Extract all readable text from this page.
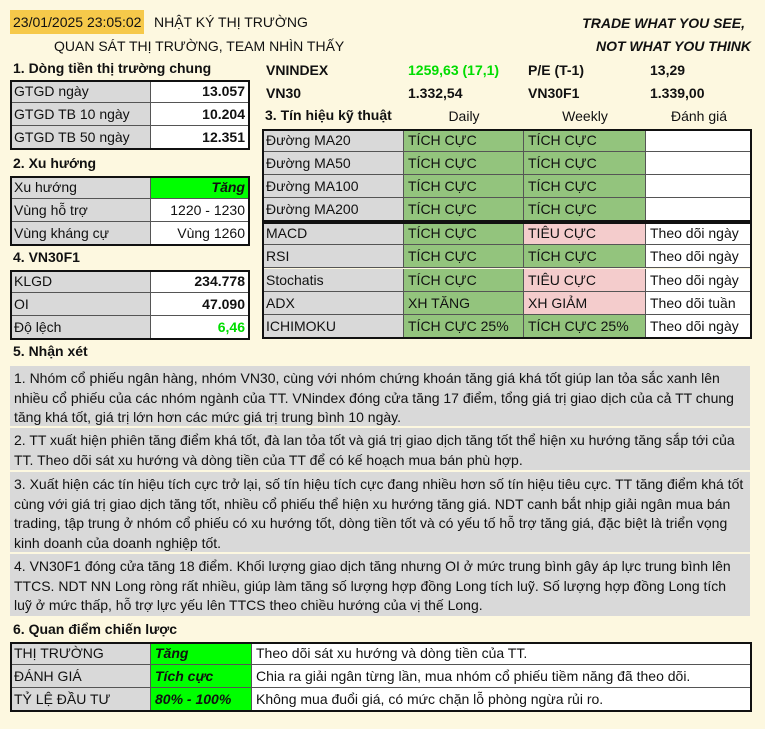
23/01/2025 23:05:02 NHẬT KÝ THỊ TRƯỜNG
QUAN SÁT THỊ TRƯỜNG, TEAM NHÌN THẤY
TRADE WHAT YOU SEE,
NOT WHAT YOU THINK
1. Dòng tiền thị trường chung
GTGD ngày	13.057
GTGD TB 10 ngày	10.204
GTGD TB 50 ngày	12.351
VNINDEX	1259,63 (17,1) P/E (T-1)	13,29
VN30	1.332,54	VN30F1	1.339,00
2. Xu hướng
Xu hướng	Tăng
Vùng hỗ trợ	1220 - 1230
Vùng kháng cự	Vùng 1260
4. VN30F1
KLGD	234.778
OI	47.090
Độ lệch	6,46
3. Tín hiệu kỹ thuật	Daily	Weekly	Đánh giá
Đường MA20	TÍCH CỰC	TÍCH CỰC
Đường MA50	TÍCH CỰC	TÍCH CỰC
Đường MA100	TÍCH CỰC	TÍCH CỰC
Đường MA200	TÍCH CỰC	TÍCH CỰC
MACD	TÍCH CỰC	TIÊU CỰC	Theo dõi ngày
RSI	TÍCH CỰC	TÍCH CỰC	Theo dõi ngày
Stochatis	TÍCH CỰC	TIÊU CỰC	Theo dõi ngày
ADX	XH TĂNG	XH GIẢM	Theo dõi tuần
ICHIMOKU	TÍCH CỰC 25%	TÍCH CỰC 25%	Theo dõi ngày
5. Nhận xét
1. Nhóm cổ phiếu ngân hàng, nhóm VN30, cùng với nhóm chứng khoán tăng giá khá tốt giúp lan tỏa sắc xanh lên nhiều cổ phiếu của các nhóm ngành của TT. VNindex đóng cửa tăng 17 điểm, tổng giá trị giao dịch của cả TT chung tăng khá tốt, giá trị lớn hơn các mức giá trị trung bình 10 ngày.
2. TT xuất hiện phiên tăng điểm khá tốt, đà lan tỏa tốt và giá trị giao dịch tăng tốt thể hiện xu hướng tăng sắp tới của TT. Theo dõi sát xu hướng và dòng tiền của TT để có kế hoạch mua bán phù hợp.
3. Xuất hiện các tín hiệu tích cực trở lại, số tín hiệu tích cực đang nhiều hơn số tín hiệu tiêu cực. TT tăng điểm khá tốt cùng với giá trị giao dịch tăng tốt, nhiều cổ phiếu thể hiện xu hướng tăng giá. NDT canh bắt nhịp giải ngân mua bán trading, tập trung ở nhóm cổ phiếu có xu hướng tốt, dòng tiền tốt và có yếu tố hỗ trợ tăng giá, đặc biệt là triển vọng kinh doanh của doanh nghiệp tốt.
4. VN30F1 đóng cửa tăng 18 điểm. Khối lượng giao dịch tăng nhưng OI ở mức trung bình gây áp lực trung bình lên TTCS. NDT NN Long ròng rất nhiều, giúp làm tăng số lượng hợp đồng Long tích luỹ. Số lượng hợp đồng Long tích luỹ ở mức thấp, hỗ trợ lực yếu lên TTCS theo chiều hướng của vị thế Long.
6. Quan điểm chiến lược
THỊ TRƯỜNG	Tăng	Theo dõi sát xu hướng và dòng tiền của TT.
ĐÁNH GIÁ	Tích cực	Chia ra giải ngân từng lần, mua nhóm cổ phiếu tiềm năng đã theo dõi.
TỶ LỆ ĐẦU TƯ	80% - 100%	Không mua đuổi giá, có mức chặn lỗ phòng ngừa rủi ro.
